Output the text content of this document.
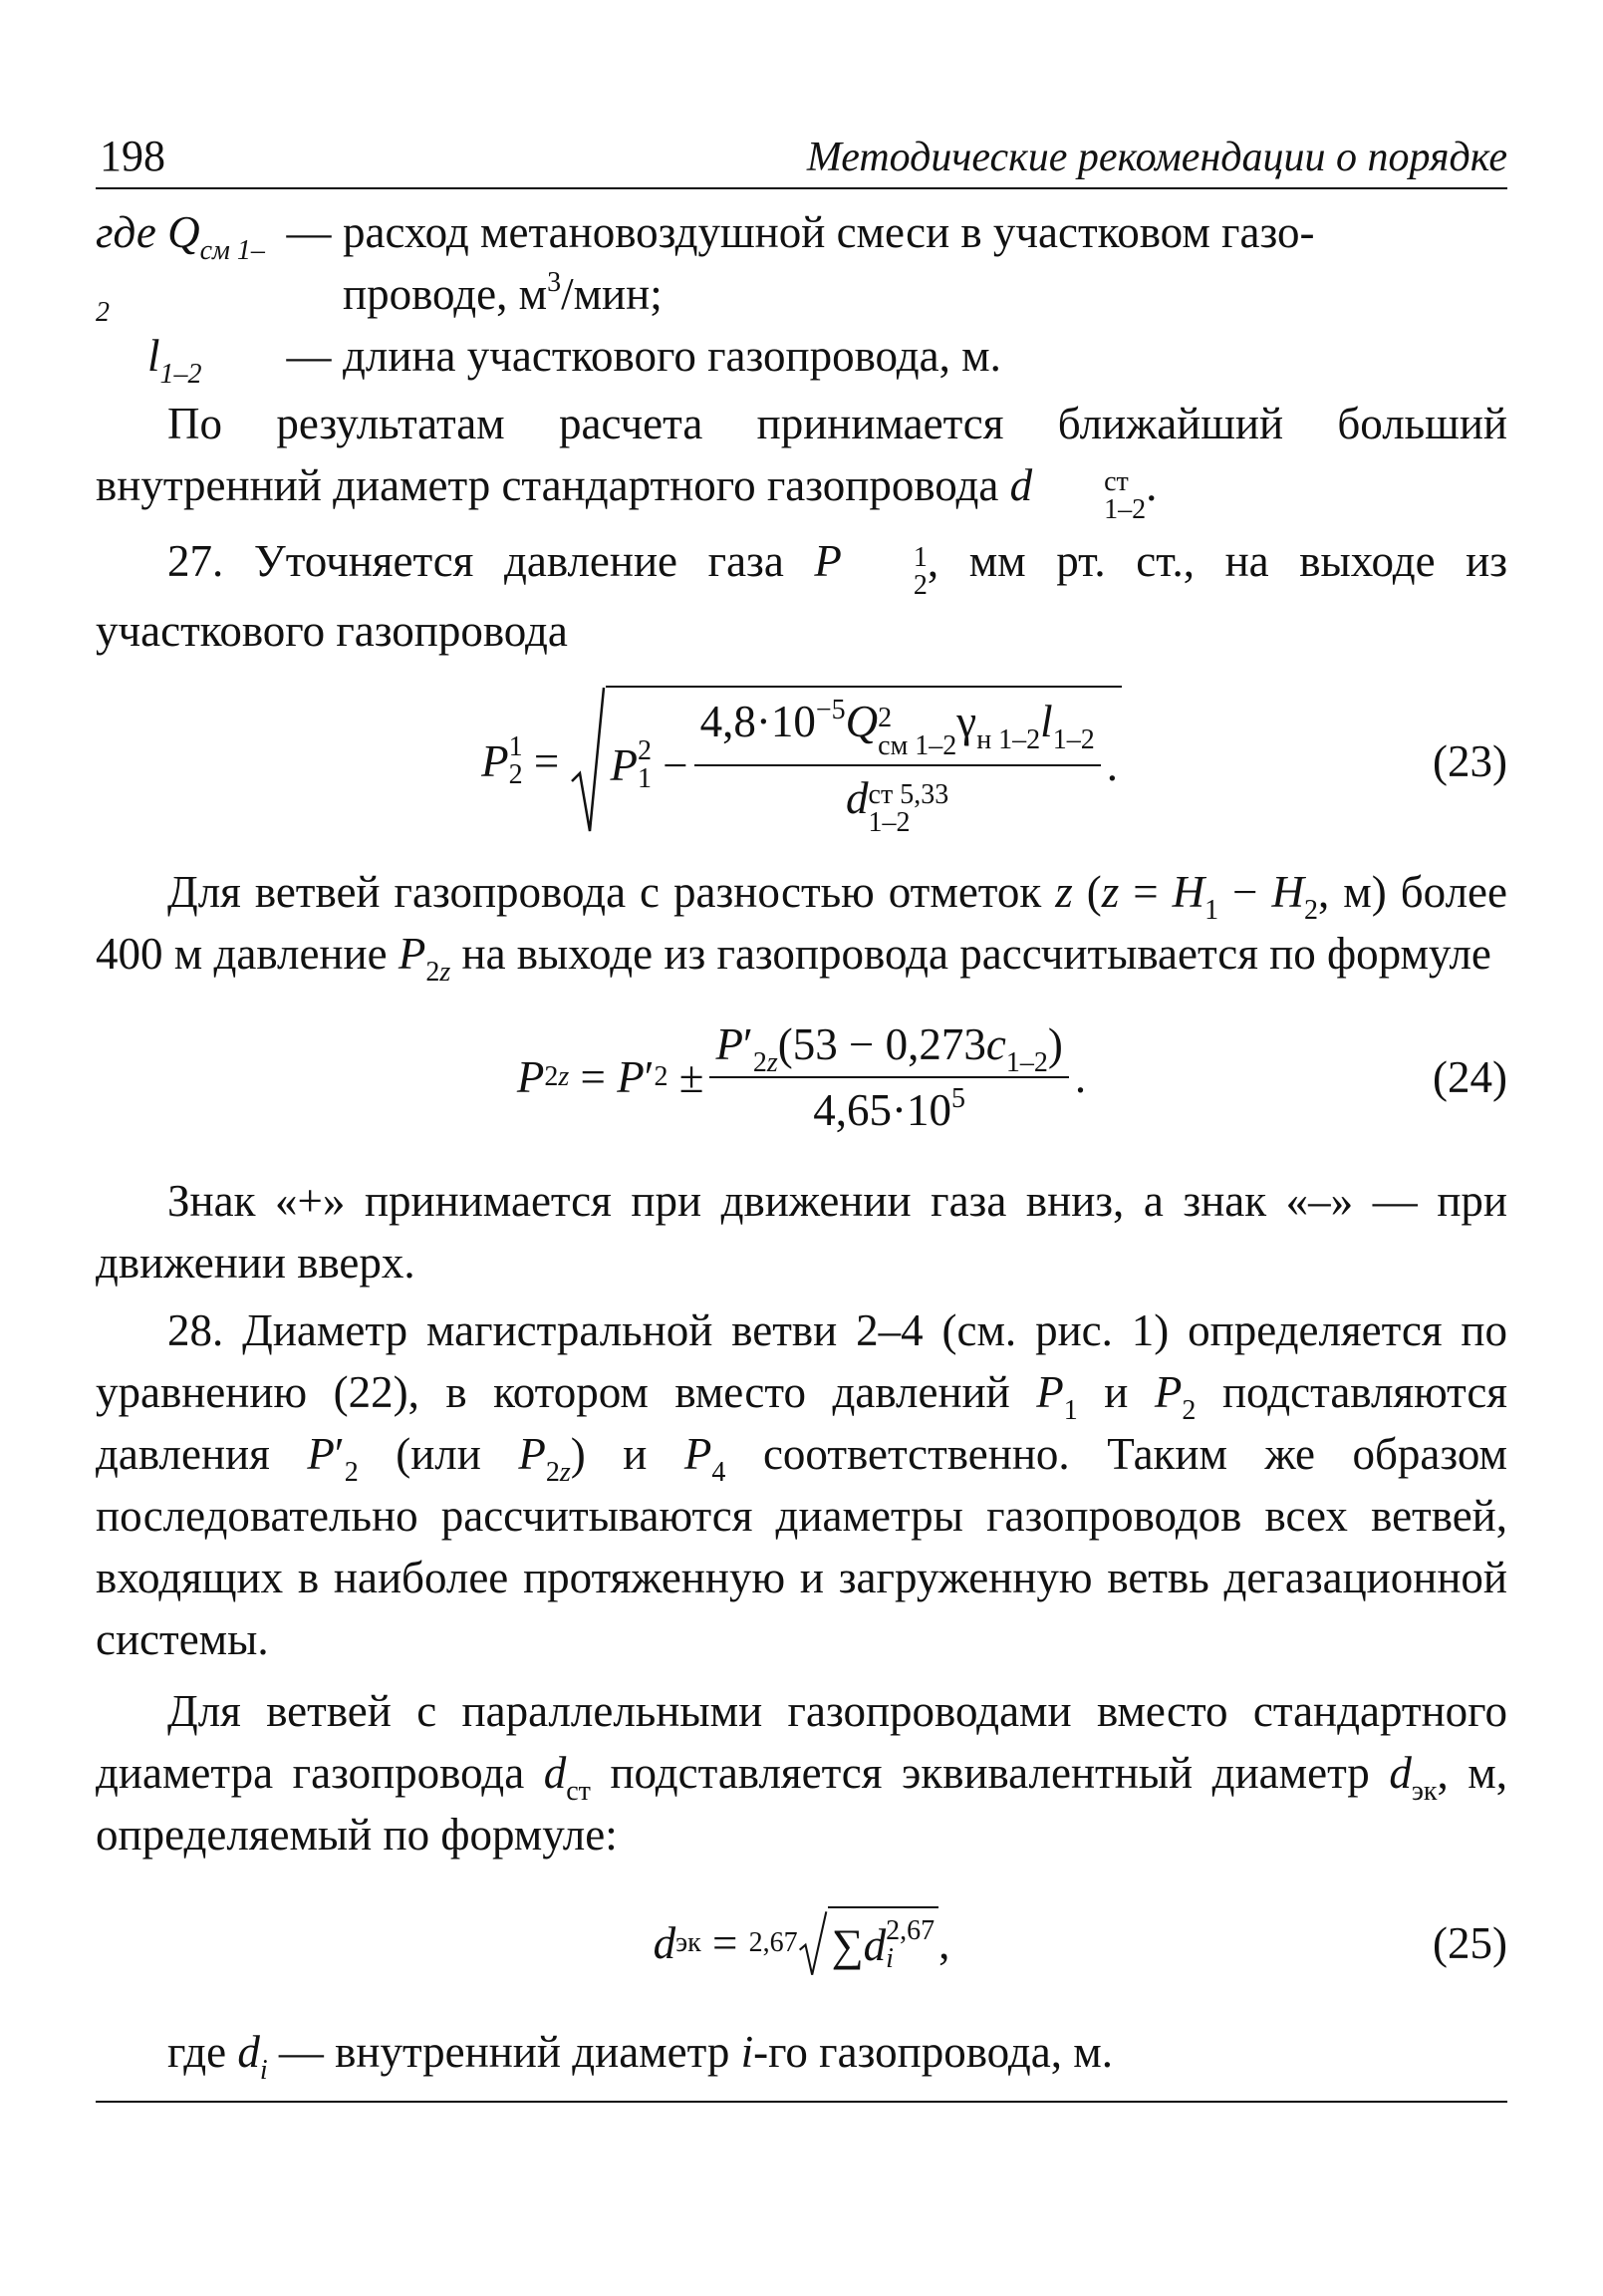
198	Методические рекомендации о порядке
где $Q_{см 1-2}$
— расход метановоздушной смеси в участковом газо-
проводе, $м^3$/мин;
$l_{1-2}$	— длина участкового газопровода, м.

По результатам расчета принимается ближайший больший внутренний диаметр стандартного газопровода d	ст
1–2 .

27. Уточняется давление газа P	1
2 , мм рт. ст., на выходе из участкового газопровода

P 1
2 = P 2
$1 - 4,8\cdot 10^{-5}Q$ 2
см 1–2 $\gamma_{н 1-2}l_{1-2}$
d ст 5,33
1–2 .	(23)

Для ветвей газопровода с разностью отметок z ($z = H_1 - H_2$, м) более 400 м давление $P_{2z}$ на выходе из газопровода рассчитывается по формуле

P 2z = P ′ $2 \pm \frac{P'_{2z}(53 - 0,273c_{1-2})}{4,65\cdot 10^5}$ .	(24)

Знак «+» принимается при движении газа вниз, а знак «–» — при движении вверх.

28. Диаметр магистральной ветви 2–4 (см. рис. 1) определяется по уравнению (22), в котором вместо давлений $P_1$ и $P_2$ подставляются давления $P'_2$ (или $P_{2z}$) и $P_4$ соответственно. Таким же образом последовательно рассчитываются диаметры газопроводов всех ветвей, входящих в наиболее протяженную и загруженную ветвь дегазационной системы.

Для ветвей с параллельными газопроводами вместо стандартного диаметра газопровода $d_{ст}$ подставляется эквивалентный диаметр $d_{эк}$, м, определяемый по формуле:

d эк = 2,67 ∑ d 2,67
i	,	(25)

где $d_i$ — внутренний диаметр i-го газопровода, м.
